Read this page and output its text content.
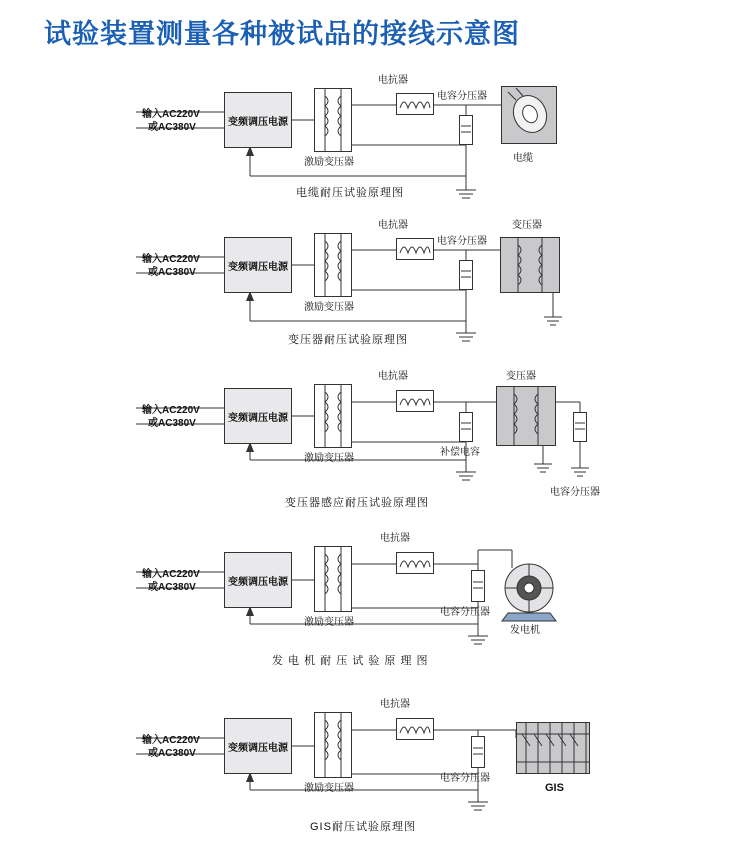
试验装置测量各种被试品的接线示意图
变频调压电源
输入AC220V
或AC380V
激励变压器
电抗器
电容分压器
电缆
电缆耐压试验原理图
变频调压电源
输入AC220V
或AC380V
激励变压器
电抗器
电容分压器
变压器
变压器耐压试验原理图
变频调压电源
输入AC220V
或AC380V
激励变压器
电抗器
补偿电容
变压器
电容分压器
变压器感应耐压试验原理图
变频调压电源
输入AC220V
或AC380V
激励变压器
电抗器
电容分压器
发电机
发 电 机 耐 压 试 验 原 理 图
变频调压电源
输入AC220V
或AC380V
激励变压器
电抗器
电容分压器
GIS
GIS耐压试验原理图
